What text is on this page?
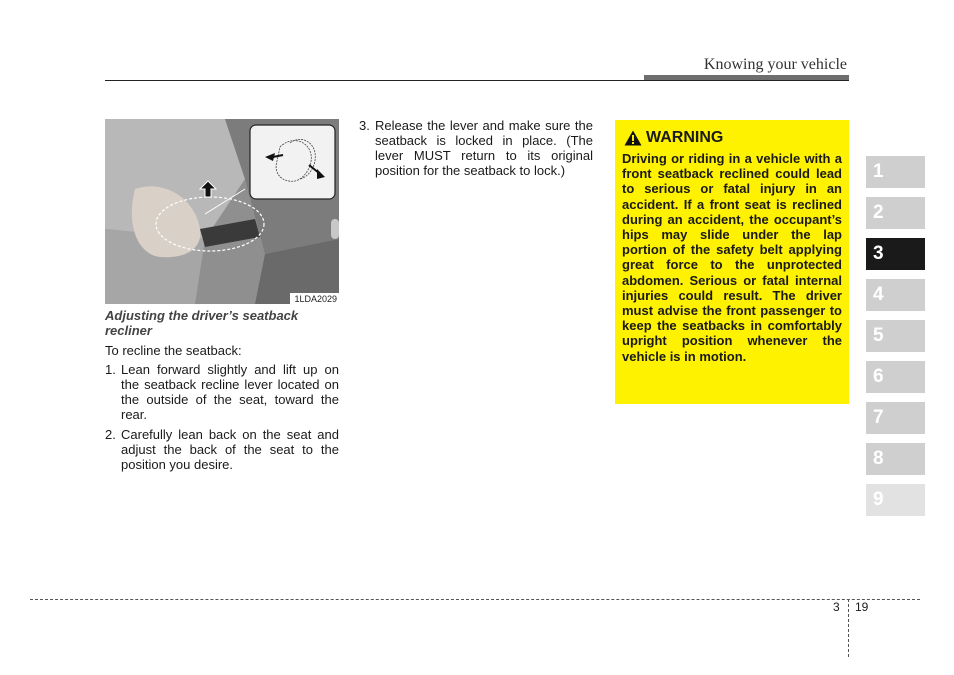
Knowing your vehicle
1LDA2029
Adjusting the driver’s seatback recliner

To recline the seatback:

1. Lean forward slightly and lift up on the seatback recline lever located on the outside of the seat, toward the rear.
2. Carefully lean back on the seat and adjust the back of the seat to the position you desire.
3. Release the lever and make sure the seatback is locked in place. (The lever MUST return to its original position for the seatback to lock.)
WARNING
Driving or riding in a vehicle with a front seatback reclined could lead to serious or fatal injury in an accident. If a front seat is reclined during an accident, the occupant’s hips may slide under the lap portion of the safety belt applying great force to the unprotected abdomen. Serious or fatal internal injuries could result. The driver must advise the front passenger to keep the seatbacks in comfortably upright position whenever the vehicle is in motion.
1
2
3
4
5
6
7
8
9
3 19
